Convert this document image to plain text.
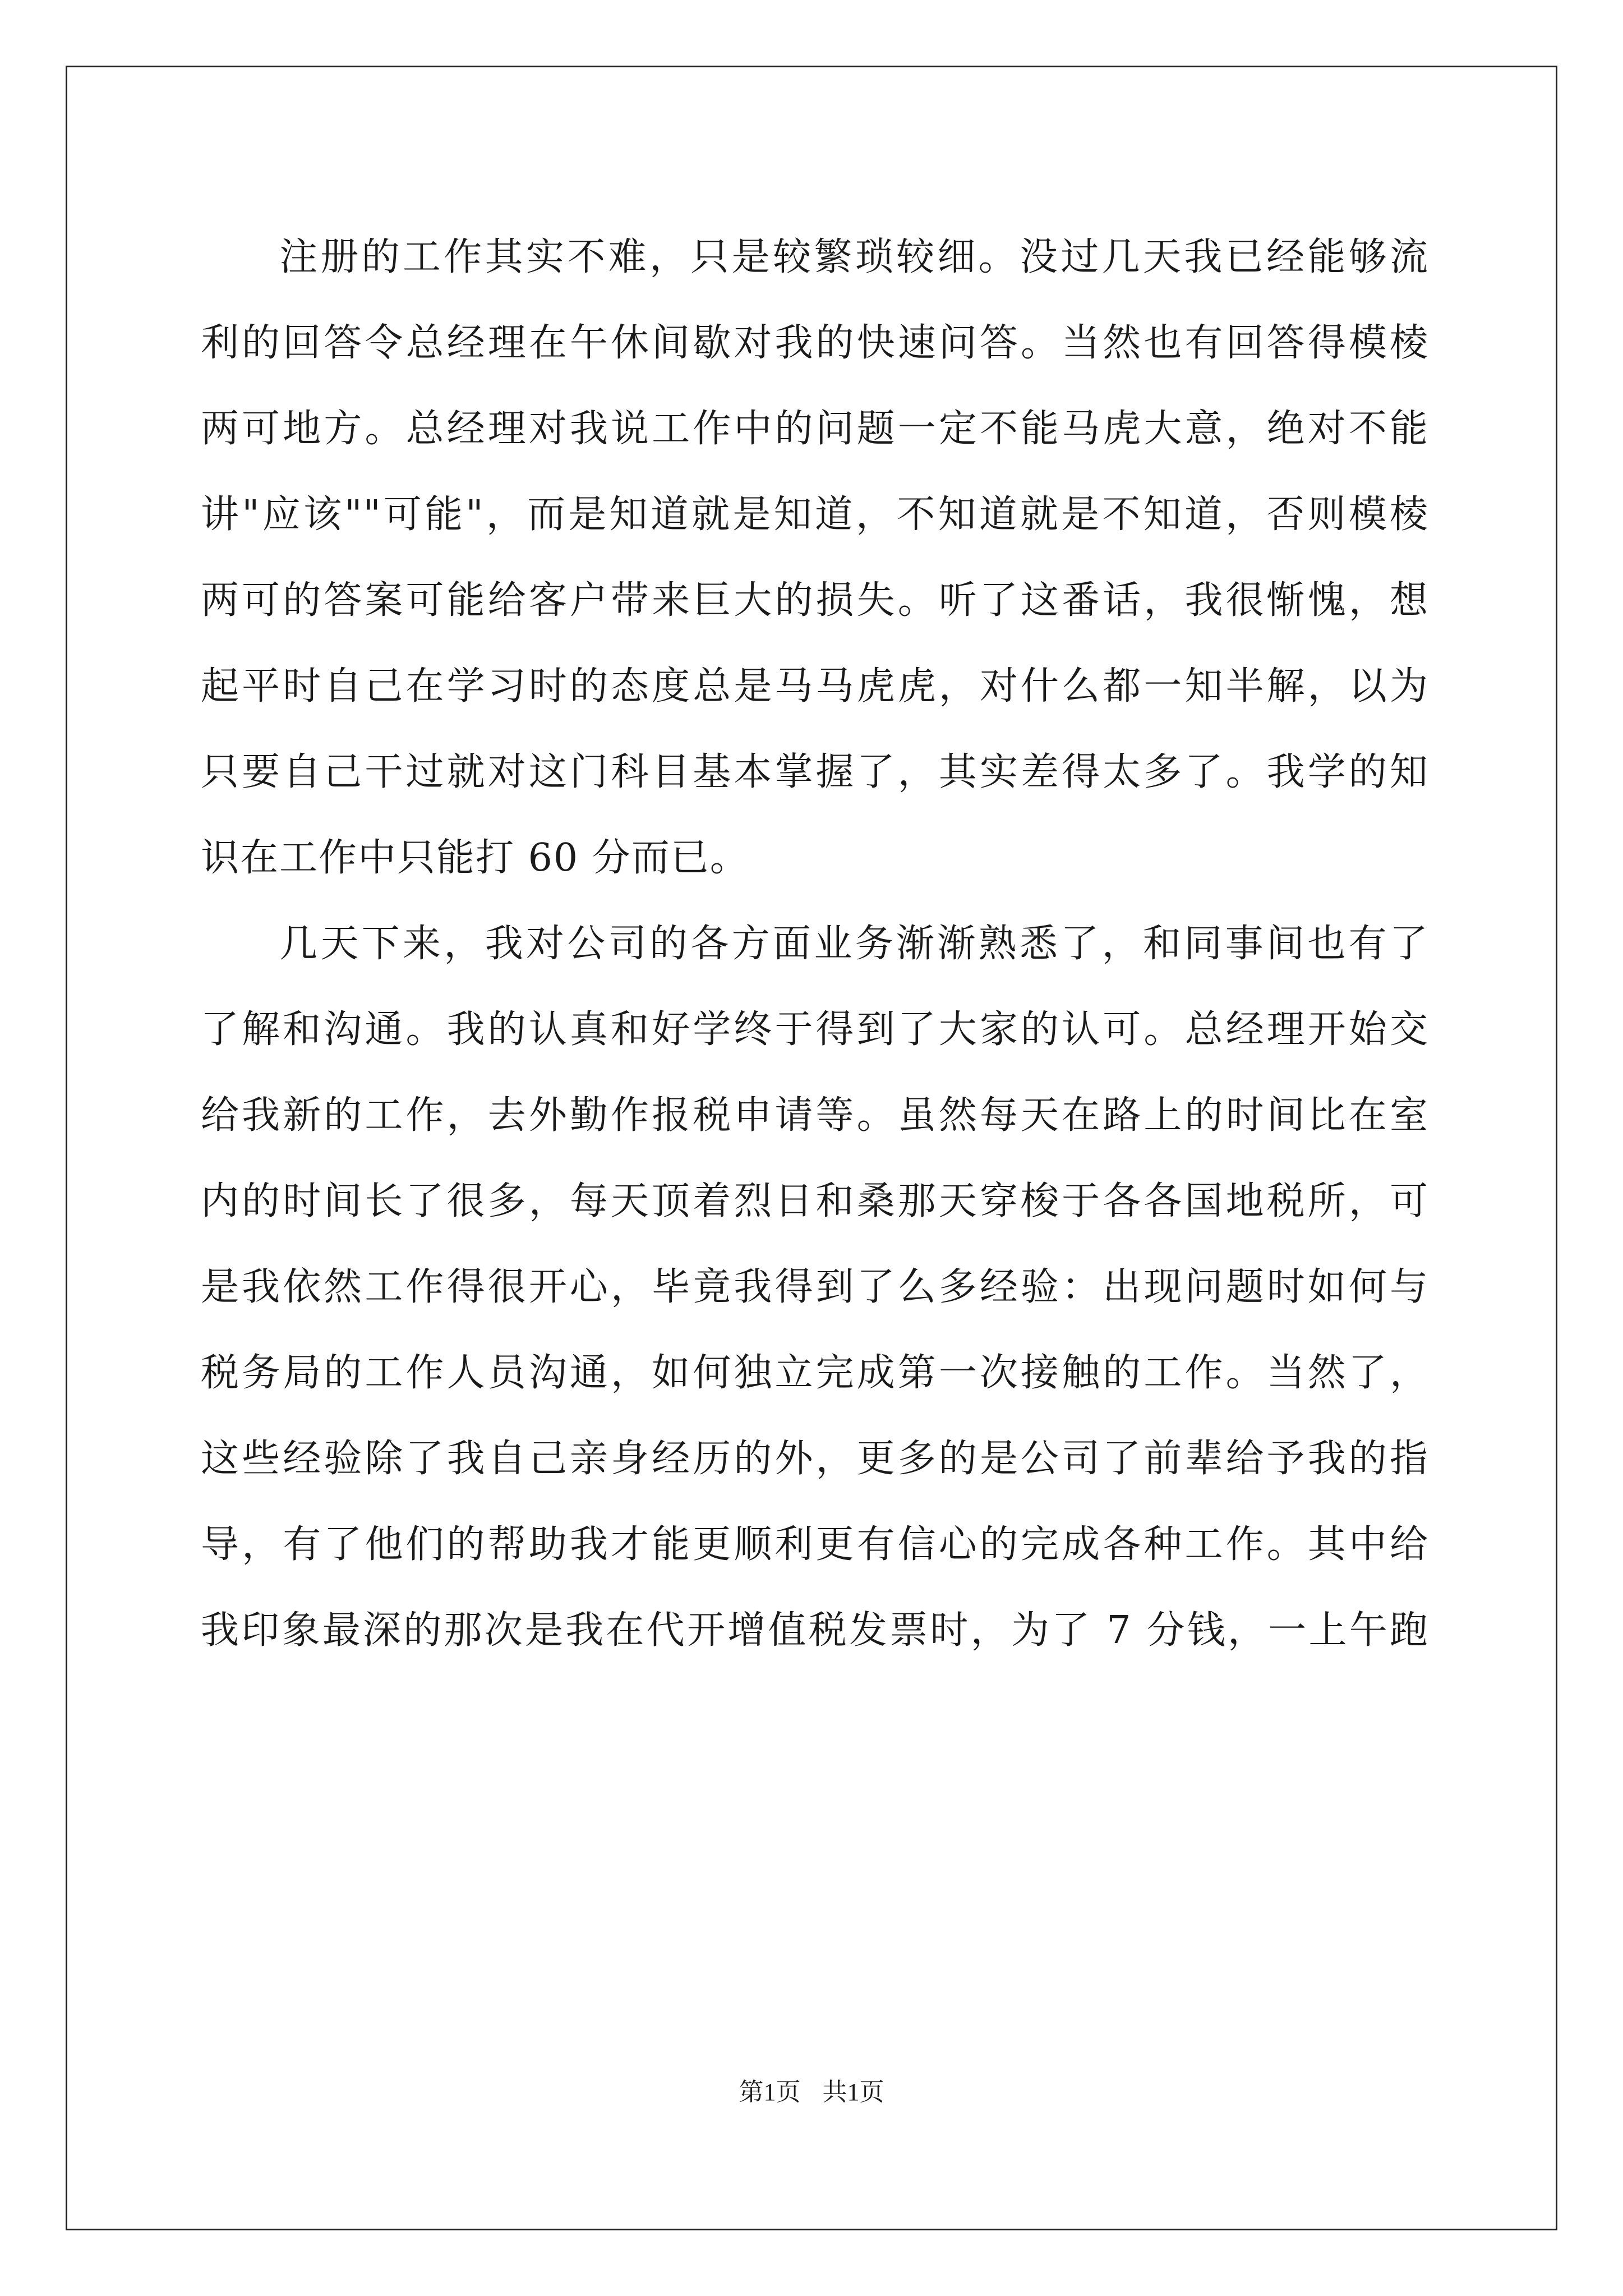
注册的工作其实不难，只是较繁琐较细。没过几天我已经能够流
利的回答令总经理在午休间歇对我的快速问答。当然也有回答得模棱
两可地方。总经理对我说工作中的问题一定不能马虎大意，绝对不能
讲"应该""可能"，而是知道就是知道，不知道就是不知道，否则模棱
两可的答案可能给客户带来巨大的损失。听了这番话，我很惭愧，想
起平时自己在学习时的态度总是马马虎虎，对什么都一知半解，以为
只要自己干过就对这门科目基本掌握了，其实差得太多了。我学的知
识在工作中只能打 60 分而已。
几天下来，我对公司的各方面业务渐渐熟悉了，和同事间也有了
了解和沟通。我的认真和好学终于得到了大家的认可。总经理开始交
给我新的工作，去外勤作报税申请等。虽然每天在路上的时间比在室
内的时间长了很多，每天顶着烈日和桑那天穿梭于各各国地税所，可
是我依然工作得很开心，毕竟我得到了么多经验：出现问题时如何与
税务局的工作人员沟通，如何独立完成第一次接触的工作。当然了，
这些经验除了我自己亲身经历的外，更多的是公司了前辈给予我的指
导，有了他们的帮助我才能更顺利更有信心的完成各种工作。其中给
我印象最深的那次是我在代开增值税发票时，为了 7 分钱，一上午跑
第1页 共1页
